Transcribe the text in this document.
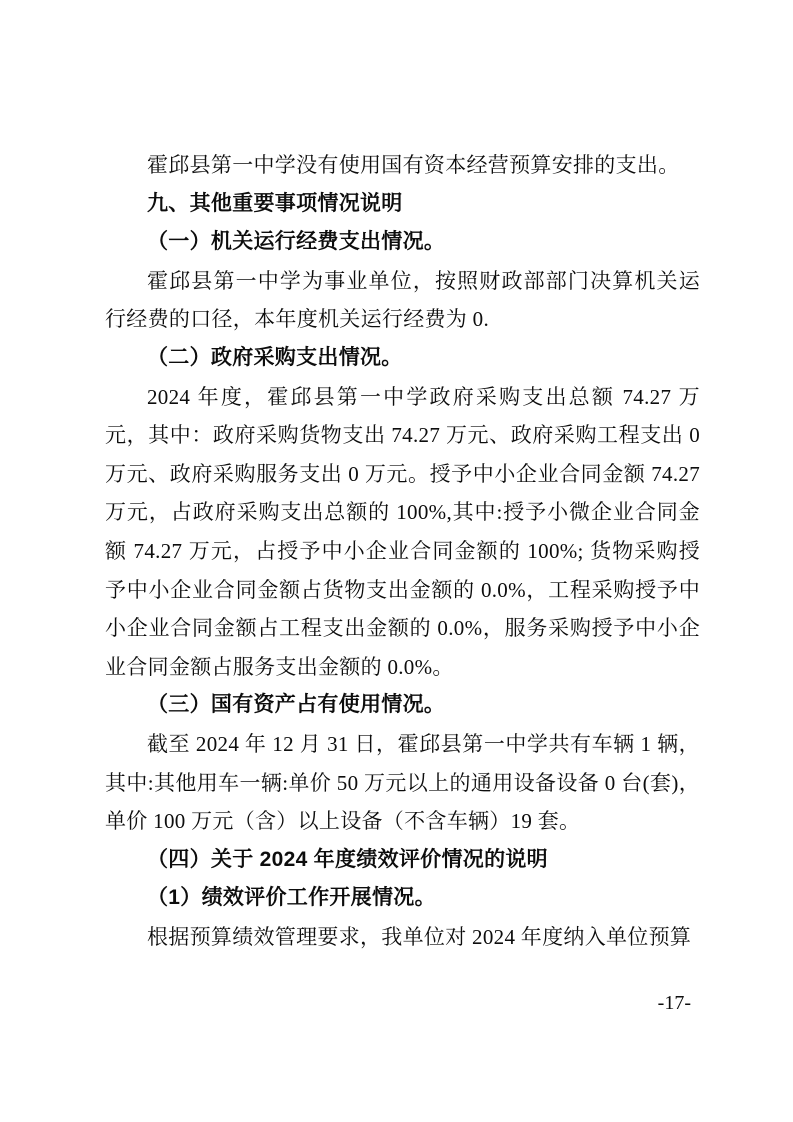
霍邱县第一中学没有使用国有资本经营预算安排的支出。

九、其他重要事项情况说明
（一）机关运行经费支出情况。

霍邱县第一中学为事业单位，按照财政部部门决算机关运行经费的口径，本年度机关运行经费为 0.

（二）政府采购支出情况。

2024 年度，霍邱县第一中学政府采购支出总额 74.27 万元，其中：政府采购货物支出 74.27 万元、政府采购工程支出 0 万元、政府采购服务支出 0 万元。授予中小企业合同金额 74.27 万元，占政府采购支出总额的 100%,其中:授予小微企业合同金额 74.27 万元，占授予中小企业合同金额的 100%; 货物采购授予中小企业合同金额占货物支出金额的 0.0%，工程采购授予中小企业合同金额占工程支出金额的 0.0%，服务采购授予中小企业合同金额占服务支出金额的 0.0%。

（三）国有资产占有使用情况。

截至 2024 年 12 月 31 日，霍邱县第一中学共有车辆 1 辆，其中:其他用车一辆:单价 50 万元以上的通用设备设备 0 台(套)，单价 100 万元（含）以上设备（不含车辆）19 套。

（四）关于 2024 年度绩效评价情况的说明
（1）绩效评价工作开展情况。

根据预算绩效管理要求，我单位对 2024 年度纳入单位预算

-17-
